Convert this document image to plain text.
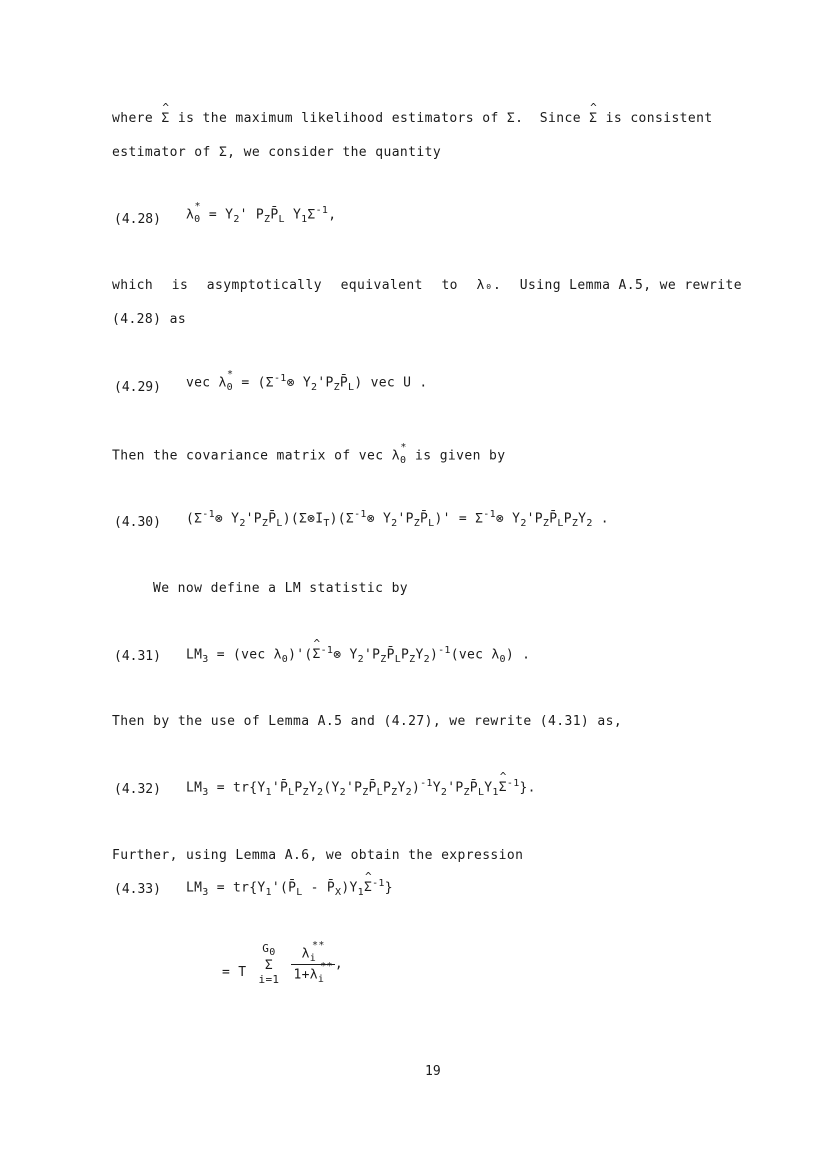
where ^ Σ is the maximum likelihood estimators of Σ.  Since ^ Σ is consistent
estimator of Σ, we consider the quantity
(4.28) $\lambda_0^* = Y_2'$ $P_ZP̄_L$ $Y_1\Sigma^{-1}$,
which is asymptotically equivalent to λ₀. Using Lemma A.5, we rewrite
(4.28) as
(4.29) vec $\lambda_0^*$ = ($\Sigma^{-1}\otimes$ $Y_2'P_ZP̄_L$) vec U .
Then the covariance matrix of vec $\lambda_0^*$ is given by
(4.30) ($\Sigma^{-1}\otimes$ $Y_2'P_ZP̄_L)(\Sigma\otimes I_T)(\Sigma^{-1}\otimes$ $Y_2'P_ZP̄_L)'$ = $\Sigma^{-1}\otimes$ $Y_2'P_ZP̄_LP_ZY_2$ .
We now define a LM statistic by
(4.31) $LM_3 = (vec$ $\lambda_0)'(\^{}$ $\Sigma^{-1}\otimes$ $Y_2'P_ZP̄_LP_ZY_2)^{-1}(vec$ $\lambda_0$) .
Then by the use of Lemma A.5 and (4.27), we rewrite (4.31) as,
(4.32) $LM_3$ = $tr\{Y_1'P̄_LP_ZY_2(Y_2'P_ZP̄_LP_ZY_2)^{-1}Y_2'P_ZP̄_LY_1\^{}$ $\Sigma^{-1}$}.
Further, using Lemma A.6, we obtain the expression
(4.33) $LM_3$ = $tr\{Y_1'(P̄_L$ - $P̄_X)Y_1\^{}$ $\Sigma^{-1}$}
= T
$G_0$
Σ
i=1
$\frac{\lambda_i^{**}}{1+\lambda_i^{**}}$ ,
19
